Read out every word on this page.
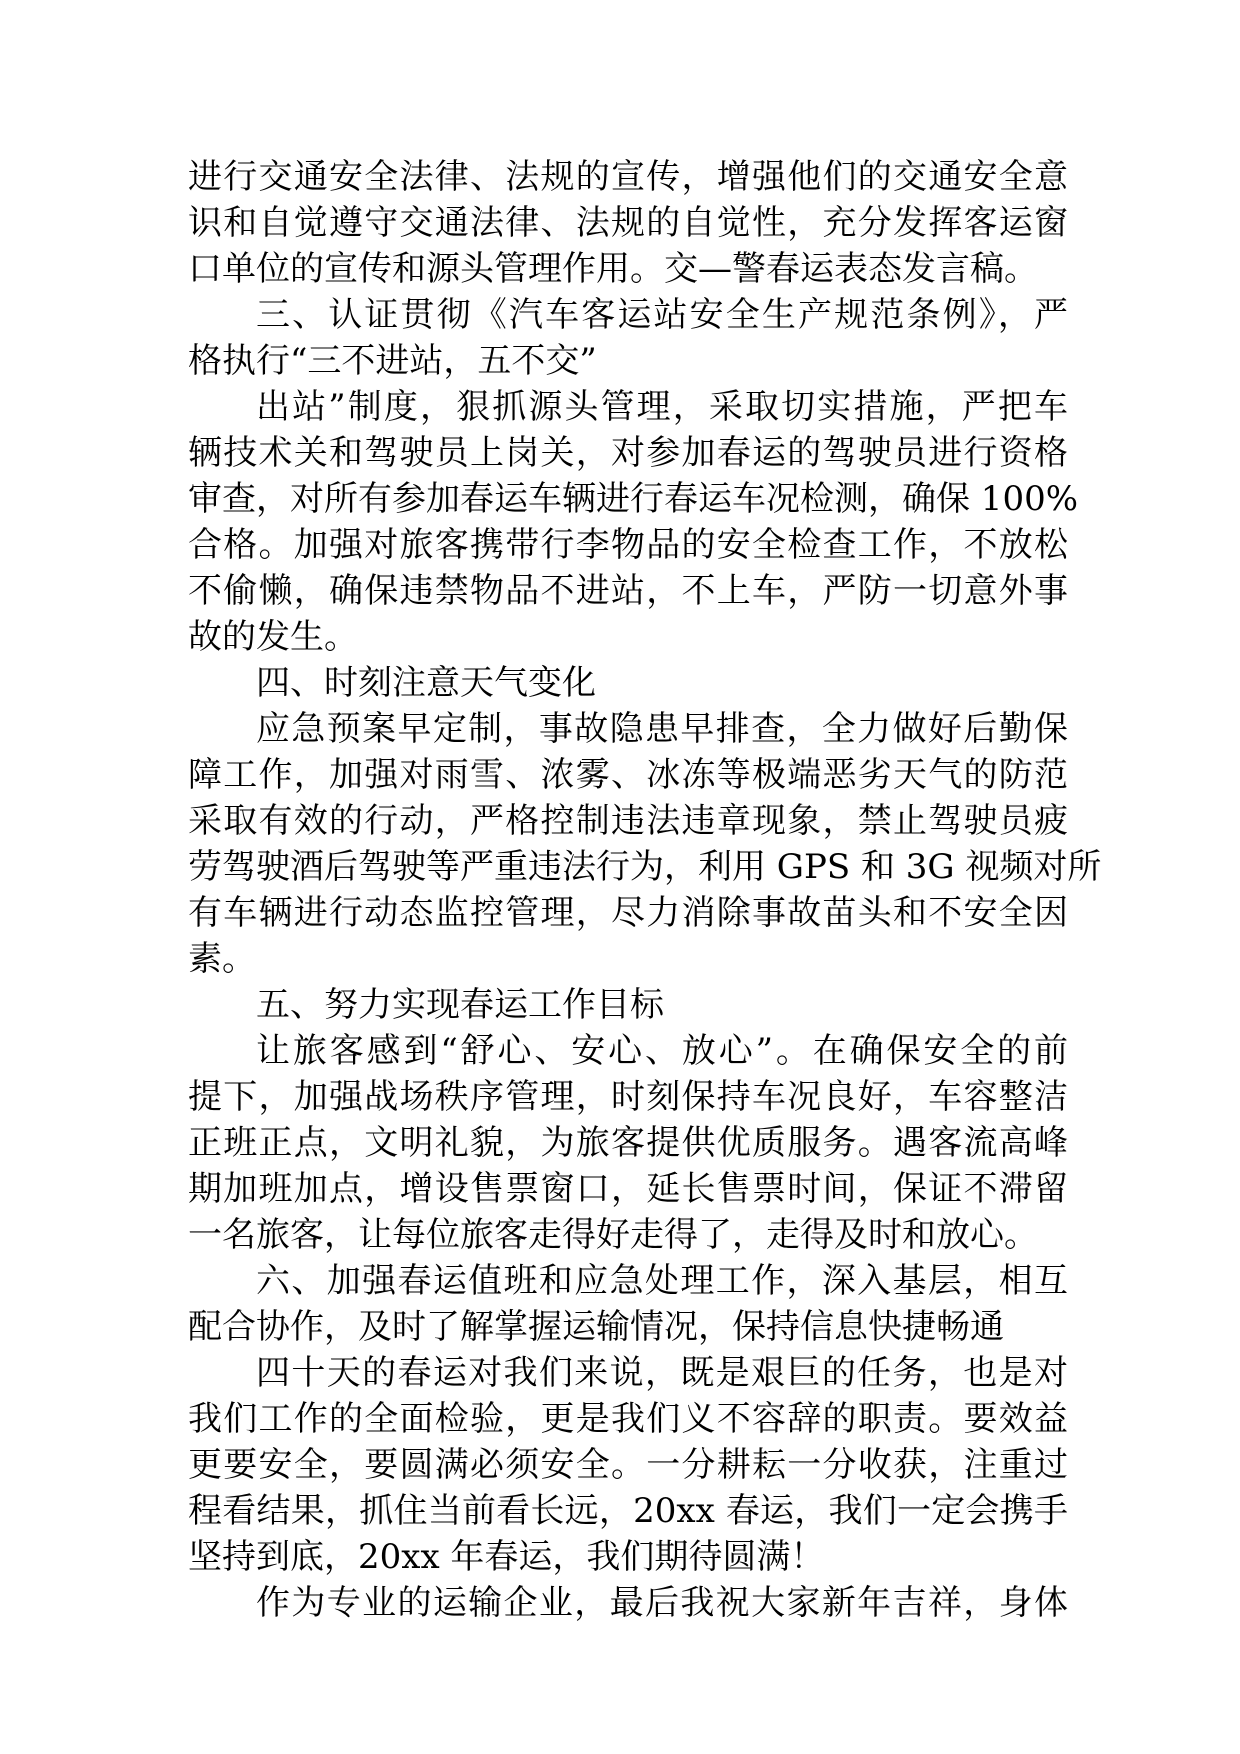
进行交通安全法律、法规的宣传，增强他们的交通安全意
识和自觉遵守交通法律、法规的自觉性，充分发挥客运窗
口单位的宣传和源头管理作用。交—警春运表态发言稿。
三、认证贯彻《汽车客运站安全生产规范条例》，严
格执行“三不进站，五不交”
出站”制度，狠抓源头管理，采取切实措施，严把车
辆技术关和驾驶员上岗关，对参加春运的驾驶员进行资格
审查，对所有参加春运车辆进行春运车况检测，确保 100%
合格。加强对旅客携带行李物品的安全检查工作，不放松
不偷懒，确保违禁物品不进站，不上车，严防一切意外事
故的发生。
四、时刻注意天气变化
应急预案早定制，事故隐患早排查，全力做好后勤保
障工作，加强对雨雪、浓雾、冰冻等极端恶劣天气的防范
采取有效的行动，严格控制违法违章现象，禁止驾驶员疲
劳驾驶酒后驾驶等严重违法行为，利用 GPS 和 3G 视频对所
有车辆进行动态监控管理，尽力消除事故苗头和不安全因
素。
五、努力实现春运工作目标
让旅客感到“舒心、安心、放心”。在确保安全的前
提下，加强战场秩序管理，时刻保持车况良好，车容整洁
正班正点，文明礼貌，为旅客提供优质服务。遇客流高峰
期加班加点，增设售票窗口，延长售票时间，保证不滞留
一名旅客，让每位旅客走得好走得了，走得及时和放心。
六、加强春运值班和应急处理工作，深入基层，相互
配合协作，及时了解掌握运输情况，保持信息快捷畅通
四十天的春运对我们来说，既是艰巨的任务，也是对
我们工作的全面检验，更是我们义不容辞的职责。要效益
更要安全，要圆满必须安全。一分耕耘一分收获，注重过
程看结果，抓住当前看长远，20xx 春运，我们一定会携手
坚持到底，20xx 年春运，我们期待圆满！
作为专业的运输企业，最后我祝大家新年吉祥，身体
